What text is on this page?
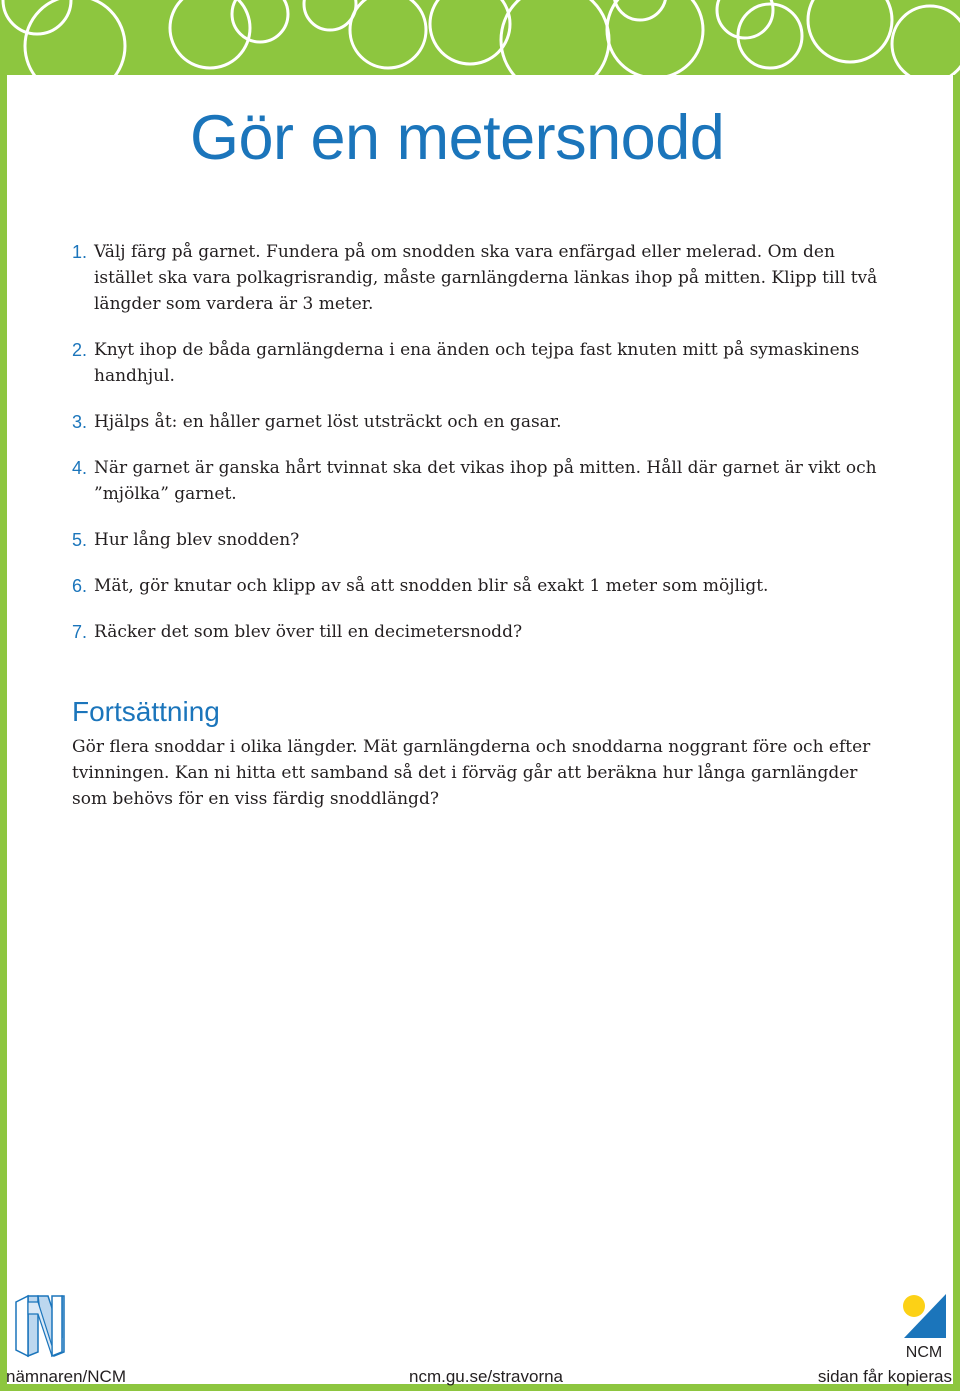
Gör en metersnodd
1. Välj färg på garnet. Fundera på om snodden ska vara enfärgad eller melerad. Om den istället ska vara polkagrisrandig, måste garnlängderna länkas ihop på mitten. Klipp till två längder som vardera är 3 meter.
2. Knyt ihop de båda garnlängderna i ena änden och tejpa fast knuten mitt på symaskinens handhjul.
3. Hjälps åt: en håller garnet löst utsträckt och en gasar.
4. När garnet är ganska hårt tvinnat ska det vikas ihop på mitten. Håll där garnet är vikt och ”mjölka” garnet.
5. Hur lång blev snodden?
6. Mät, gör knutar och klipp av så att snodden blir så exakt 1 meter som möjligt.
7. Räcker det som blev över till en decimetersnodd?
Fortsättning

Gör flera snoddar i olika längder. Mät garnlängderna och snoddarna noggrant före och efter tvinningen. Kan ni hitta ett samband så det i förväg går att beräkna hur långa garnlängder som behövs för en viss färdig snoddlängd?

NCM
nämnaren/NCM	ncm.gu.se/stravorna	sidan får kopieras
